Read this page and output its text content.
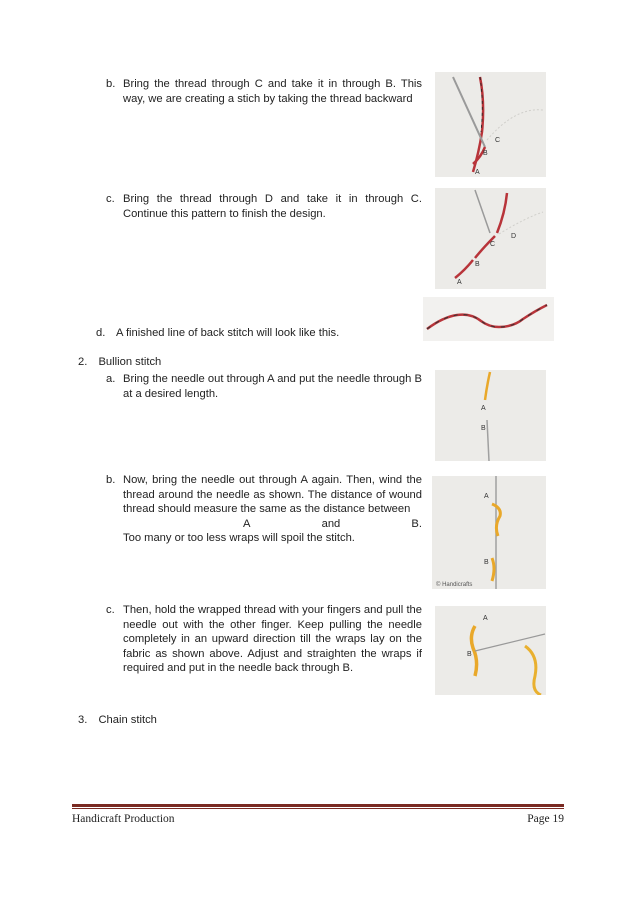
b. Bring the thread through C and take it in through B. This way, we are creating a stich by taking the thread backward
c. Bring the thread through D and take it in through C. Continue this pattern to finish the design.
d. A finished line of back stitch will look like this.
2. Bullion stitch
a. Bring the needle out through A and put the needle through B at a desired length.
b. Now, bring the needle out through A again. Then, wind the thread around the needle as shown. The distance of wound thread should measure the same as the distance between
A	and	B.
Too many or too less wraps will spoil the stitch.
c. Then, hold the wrapped thread with your fingers and pull the needle out with the other finger. Keep pulling the needle completely in an upward direction till the wraps lay on the fabric as shown above. Adjust and straighten the wraps if required and put in the needle back through B.
3. Chain stitch
A
B
C
A
B
C
D
A
B
A
B
© Handicrafts
A
B
Handicraft Production	Page 19
